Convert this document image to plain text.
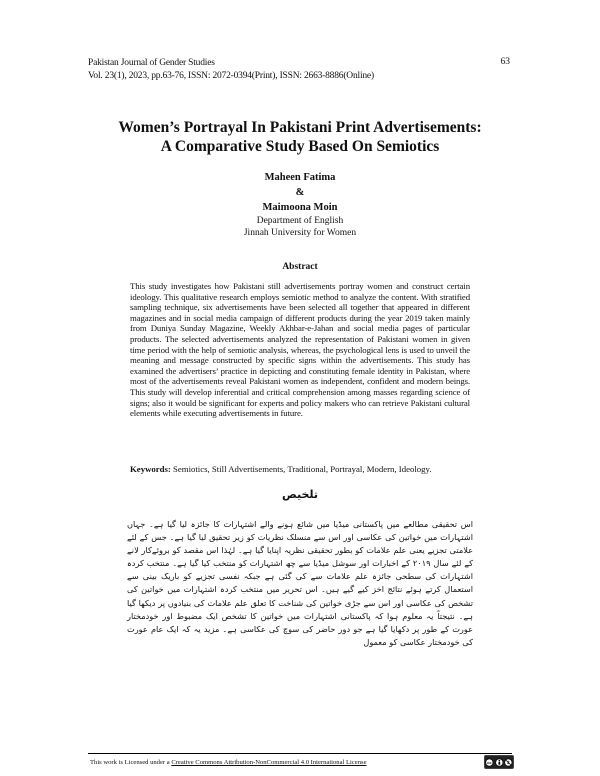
Pakistan Journal of Gender Studies
Vol. 23(1), 2023, pp.63-76, ISSN: 2072-0394(Print), ISSN: 2663-8886(Online)
63
Women’s Portrayal In Pakistani Print Advertisements:
A Comparative Study Based On Semiotics
Maheen Fatima
&
Maimoona Moin
Department of English
Jinnah University for Women
Abstract

This study investigates how Pakistani still advertisements portray women and construct certain ideology. This qualitative research employs semiotic method to analyze the content. With stratified sampling technique, six advertisements have been selected all together that appeared in different magazines and in social media campaign of different products during the year 2019 taken mainly from Duniya Sunday Magazine, Weekly Akhbar-e-Jahan and social media pages of particular products. The selected advertisements analyzed the representation of Pakistani women in given time period with the help of semiotic analysis, whereas, the psychological lens is used to unveil the meaning and message constructed by specific signs within the advertisements. This study has examined the advertisers’ practice in depicting and constituting female identity in Pakistan, where most of the advertisements reveal Pakistani women as independent, confident and modern beings. This study will develop inferential and critical comprehension among masses regarding science of signs; also it would be significant for experts and policy makers who can retrieve Pakistani cultural elements while executing advertisements in future.

Keywords: Semiotics, Still Advertisements, Traditional, Portrayal, Modern, Ideology.
تلخیص

اس تحقیقی مطالعے میں پاکستانی میڈیا میں شائع ہونے والے اشتہارات کا جائزہ لیا گیا ہے۔ جہاں اشتہارات میں خواتین کی عکاسی اور اس سے منسلک نظریات کو زیر تحقیق لیا گیا ہے۔ جس کے لئے علامتی تجزیے یعنی علم علامات کو بطور تحقیقی نظریہ اپنایا گیا ہے۔ لہٰذا اس مقصد کو بروئےکار لانے کے لئے سال ۲۰۱۹ کے اخبارات اور سوشل میڈیا سے چھ اشتہارات کو منتخب کیا گیا ہے۔ منتخب کردہ اشتہارات کی سطحی جائزہ علم علامات سے کی گئی ہے جبکہ نفسی تجزیے کو باریک بینی سے استعمال کرتے ہوئے نتائج اخز کیے گیے ہیں۔ اس تحریر میں منتخب کردہ اشتہارات میں خواتین کی تشخص کی عکاسی اور اس سے جڑی خواتین کی شناخت کا تعلق علم علامات کی بنیادوں پر دیکھا گیا ہے۔ نتیجتاً یہ معلوم ہوا کہ پاکستانی اشتہارات میں خواتین کا تشخص ایک مضبوط اور خودمختار عورت کے طور پر دکھایا گیا ہے جو دور حاضر کی سوچ کی عکاسی ہے۔ مزید یہ کہ ایک عام عورت کی خودمختار عکاسی کو معمول

This work is Licensed under a Creative Commons Attribution-NonCommercial 4.0 International License	cc
